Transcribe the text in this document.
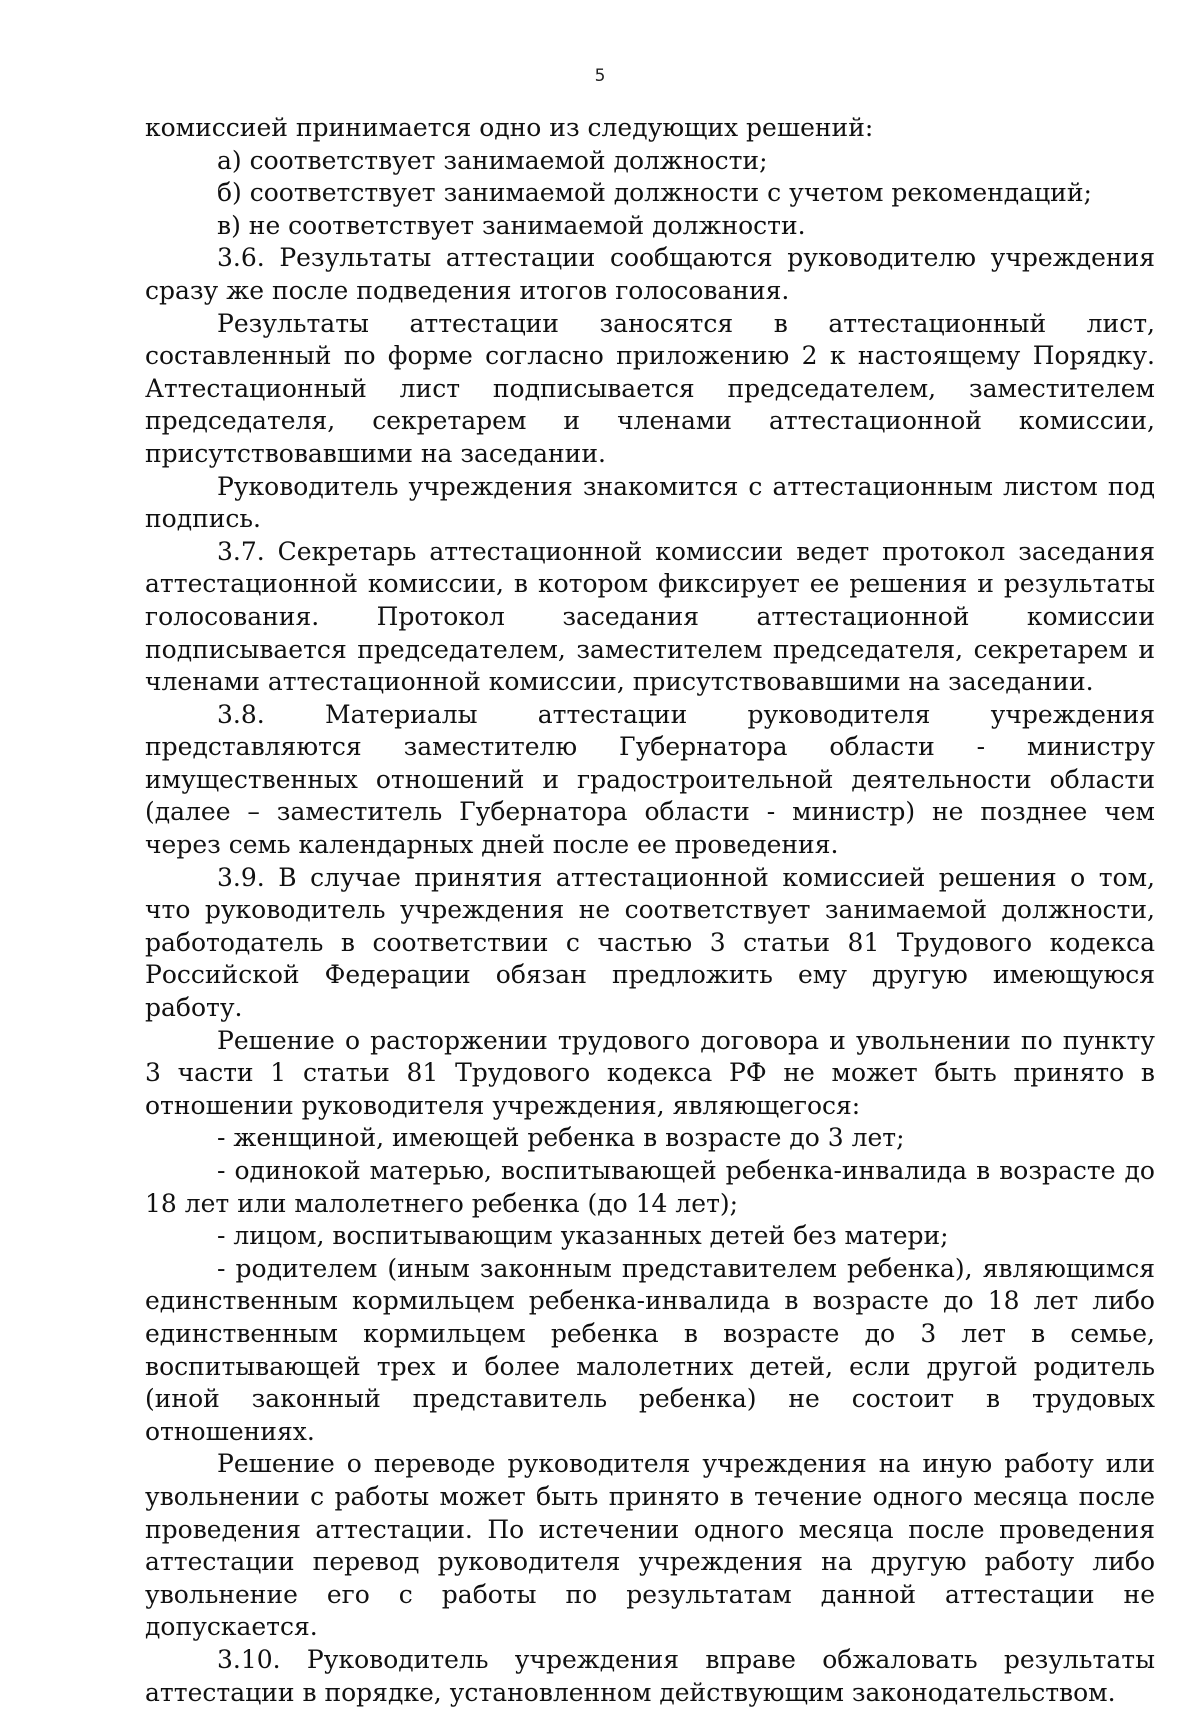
5

комиссией принимается одно из следующих решений:

а) соответствует занимаемой должности;

б) соответствует занимаемой должности с учетом рекомендаций;

в) не соответствует занимаемой должности.

3.6. Результаты аттестации сообщаются руководителю учреждения сразу же после подведения итогов голосования.

Результаты аттестации заносятся в аттестационный лист, составленный по форме согласно приложению 2 к настоящему Порядку. Аттестационный лист подписывается председателем, заместителем председателя, секретарем и членами аттестационной комиссии, присутствовавшими на заседании.

Руководитель учреждения знакомится с аттестационным листом под подпись.

3.7. Секретарь аттестационной комиссии ведет протокол заседания аттестационной комиссии, в котором фиксирует ее решения и результаты голосования. Протокол заседания аттестационной комиссии подписывается председателем, заместителем председателя, секретарем и членами аттестационной комиссии, присутствовавшими на заседании.

3.8. Материалы аттестации руководителя учреждения представляются заместителю Губернатора области - министру имущественных отношений и градостроительной деятельности области (далее – заместитель Губернатора области - министр) не позднее чем через семь календарных дней после ее проведения.

3.9. В случае принятия аттестационной комиссией решения о том, что руководитель учреждения не соответствует занимаемой должности, работодатель в соответствии с частью 3 статьи 81 Трудового кодекса Российской Федерации обязан предложить ему другую имеющуюся работу.

Решение о расторжении трудового договора и увольнении по пункту 3 части 1 статьи 81 Трудового кодекса РФ не может быть принято в отношении руководителя учреждения, являющегося:

- женщиной, имеющей ребенка в возрасте до 3 лет;

- одинокой матерью, воспитывающей ребенка-инвалида в возрасте до 18 лет или малолетнего ребенка (до 14 лет);

- лицом, воспитывающим указанных детей без матери;

- родителем (иным законным представителем ребенка), являющимся единственным кормильцем ребенка-инвалида в возрасте до 18 лет либо единственным кормильцем ребенка в возрасте до 3 лет в семье, воспитывающей трех и более малолетних детей, если другой родитель (иной законный представитель ребенка) не состоит в трудовых отношениях.

Решение о переводе руководителя учреждения на иную работу или увольнении с работы может быть принято в течение одного месяца после проведения аттестации. По истечении одного месяца после проведения аттестации перевод руководителя учреждения на другую работу либо увольнение его с работы по результатам данной аттестации не допускается.

3.10. Руководитель учреждения вправе обжаловать результаты аттестации в порядке, установленном действующим законодательством.
